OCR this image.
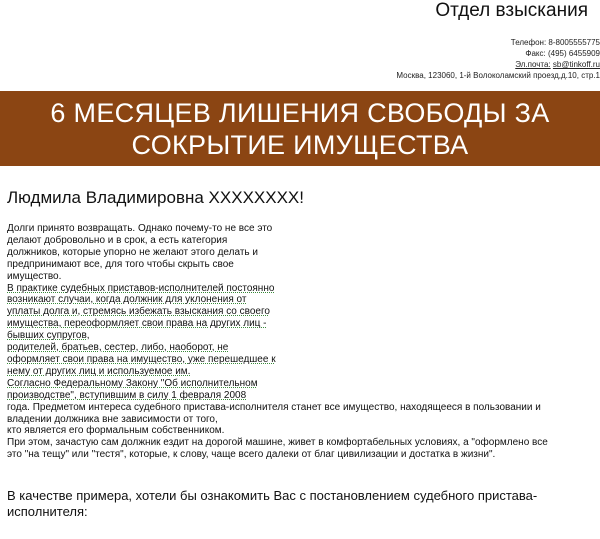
Отдел взыскания
Телефон: 8-8005555775
Факс: (495) 6455909
Эл.почта: sb@tinkoff.ru
Москва, 123060, 1-й Волоколамский проезд,д.10, стр.1
6 МЕСЯЦЕВ ЛИШЕНИЯ СВОБОДЫ ЗА
СОКРЫТИЕ ИМУЩЕСТВА
Людмила Владимировна XXXXXXXX!
Долги принято возвращать. Однако почему-то не все это
делают добровольно и в срок, а есть категория
должников, которые упорно не желают этого делать и
предпринимают все, для того чтобы скрыть свое
имущество.
В практике судебных приставов-исполнителей постоянно
возникают случаи, когда должник для уклонения от
уплаты долга и, стремясь избежать взыскания со своего
имущества, переоформляет свои права на других лиц -
бывших супругов,
родителей, братьев, сестер, либо, наоборот, не
оформляет свои права на имущество, уже перешедшее к
нему от других лиц и используемое им.
Согласно Федеральному Закону "Об исполнительном
производстве", вступившим в силу 1 февраля 2008
года. Предметом интереса судебного пристава-исполнителя станет все имущество, находящееся в пользовании и
владении должника вне зависимости от того,
кто является его формальным собственником.
При этом, зачастую сам должник ездит на дорогой машине, живет в комфортабельных условиях, а "оформлено все
это "на тещу" или "тестя", которые, к слову, чаще всего далеки от благ цивилизации и достатка в жизни".
В качестве примера, хотели бы ознакомить Вас с постановлением судебного пристава-
исполнителя:
